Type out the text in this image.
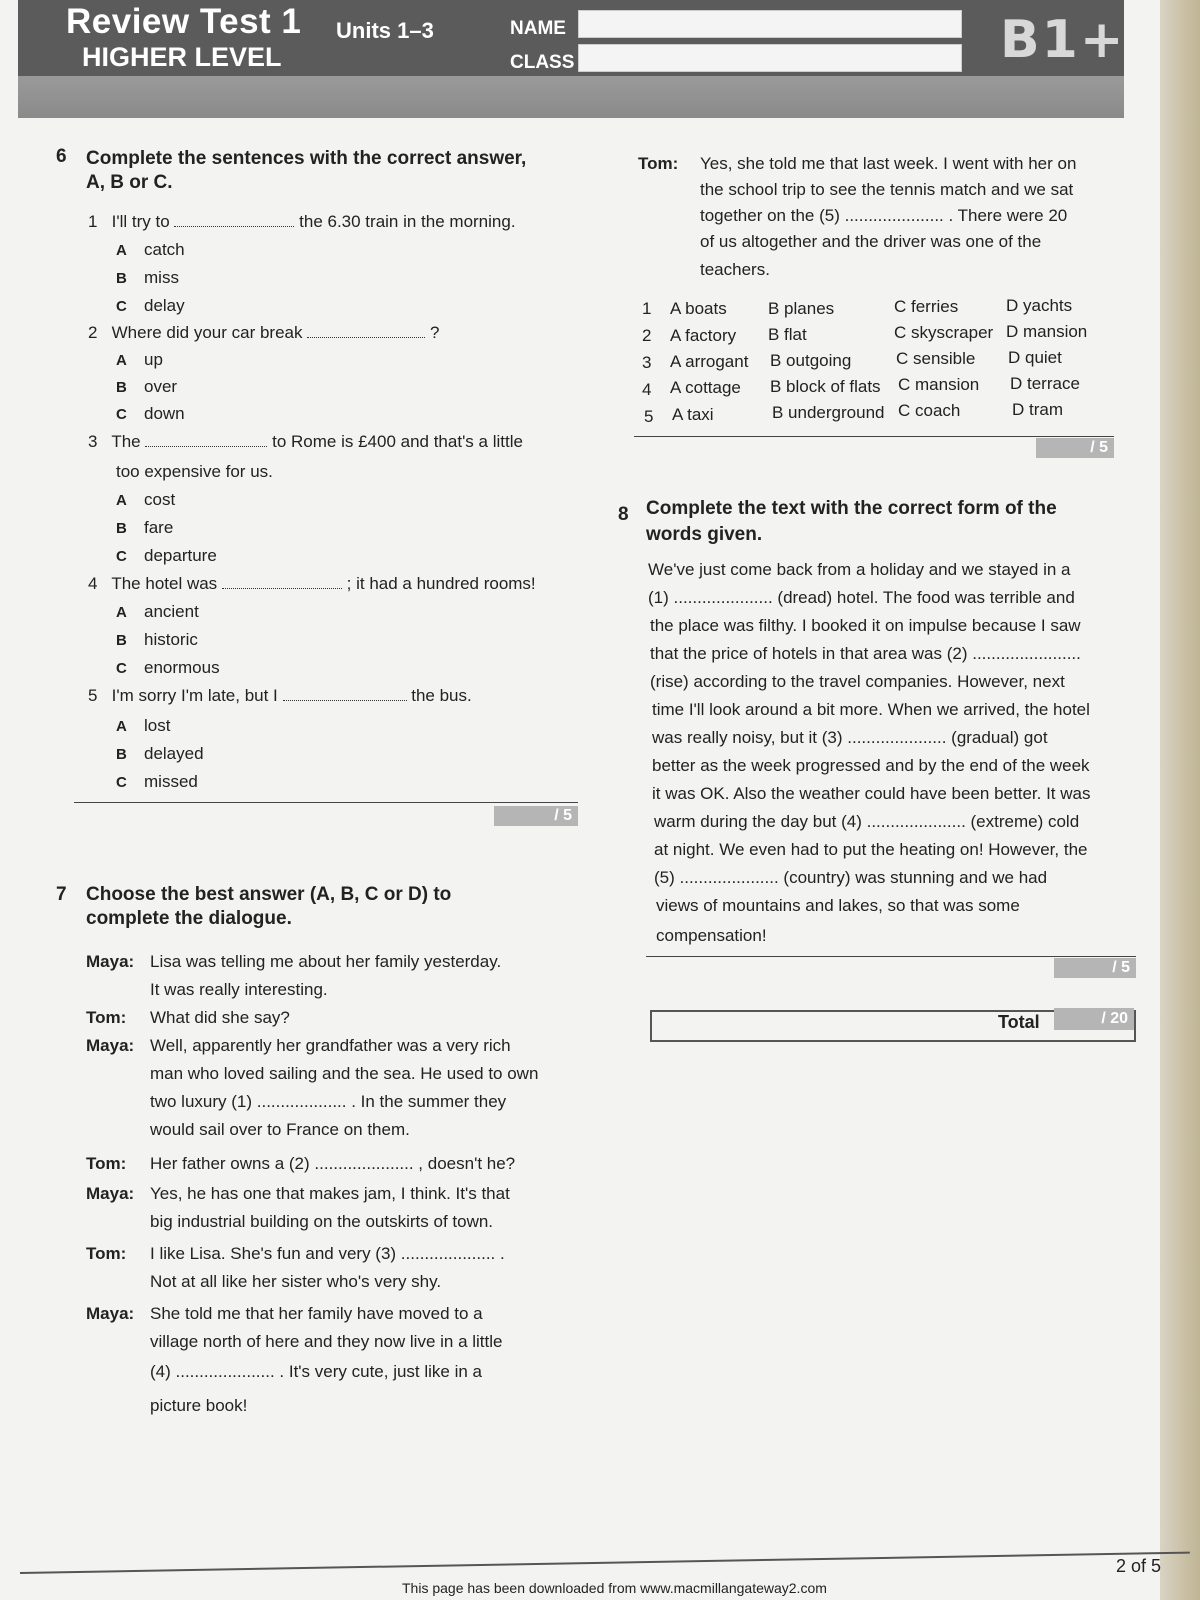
Review Test 1 Units 1–3
HIGHER LEVEL
NAME
CLASS	B1+
6 Complete the sentences with the correct answer,
A, B or C.
1 I'll try to	the 6.30 train in the morning.
A catch
B miss
C delay
2 Where did your car break	?
A up
B over
C down
3 The	to Rome is £400 and that's a little
too expensive for us.
A cost
B fare
C departure
4 The hotel was	; it had a hundred rooms!
A ancient
B historic
C enormous
5 I'm sorry I'm late, but I	the bus.
A lost
B delayed
C missed
/ 5
7 Choose the best answer (A, B, C or D) to
complete the dialogue.
Maya: Lisa was telling me about her family yesterday.
It was really interesting.
Tom: What did she say?
Maya: Well, apparently her grandfather was a very rich
man who loved sailing and the sea. He used to own
two luxury (1) ................... . In the summer they
would sail over to France on them.
Tom: Her father owns a (2) ..................... , doesn't he?
Maya: Yes, he has one that makes jam, I think. It's that
big industrial building on the outskirts of town.
Tom: I like Lisa. She's fun and very (3) .................... .
Not at all like her sister who's very shy.
Maya: She told me that her family have moved to a
village north of here and they now live in a little
(4) ..................... . It's very cute, just like in a
picture book!
Tom: Yes, she told me that last week. I went with her on
the school trip to see the tennis match and we sat
together on the (5) ..................... . There were 20
of us altogether and the driver was one of the
teachers.
1 A boats B planes	C ferries	D yachts
2 A factory B flat	C skyscraper D mansion
3 A arrogant B outgoing	C sensible D quiet
4 A cottage B block of flats C mansion D terrace
5 A taxi	B underground C coach	D tram
/ 5
8 Complete the text with the correct form of the
words given.
We've just come back from a holiday and we stayed in a
(1) ..................... (dread) hotel. The food was terrible and
the place was filthy. I booked it on impulse because I saw
that the price of hotels in that area was (2) .......................
(rise) according to the travel companies. However, next
time I'll look around a bit more. When we arrived, the hotel
was really noisy, but it (3) ..................... (gradual) got
better as the week progressed and by the end of the week
it was OK. Also the weather could have been better. It was
warm during the day but (4) ..................... (extreme) cold
at night. We even had to put the heating on! However, the
(5) ..................... (country) was stunning and we had
views of mountains and lakes, so that was some
compensation!
/ 5
Total	/ 20
This page has been downloaded from www.macmillangateway2.com
2 of 5
